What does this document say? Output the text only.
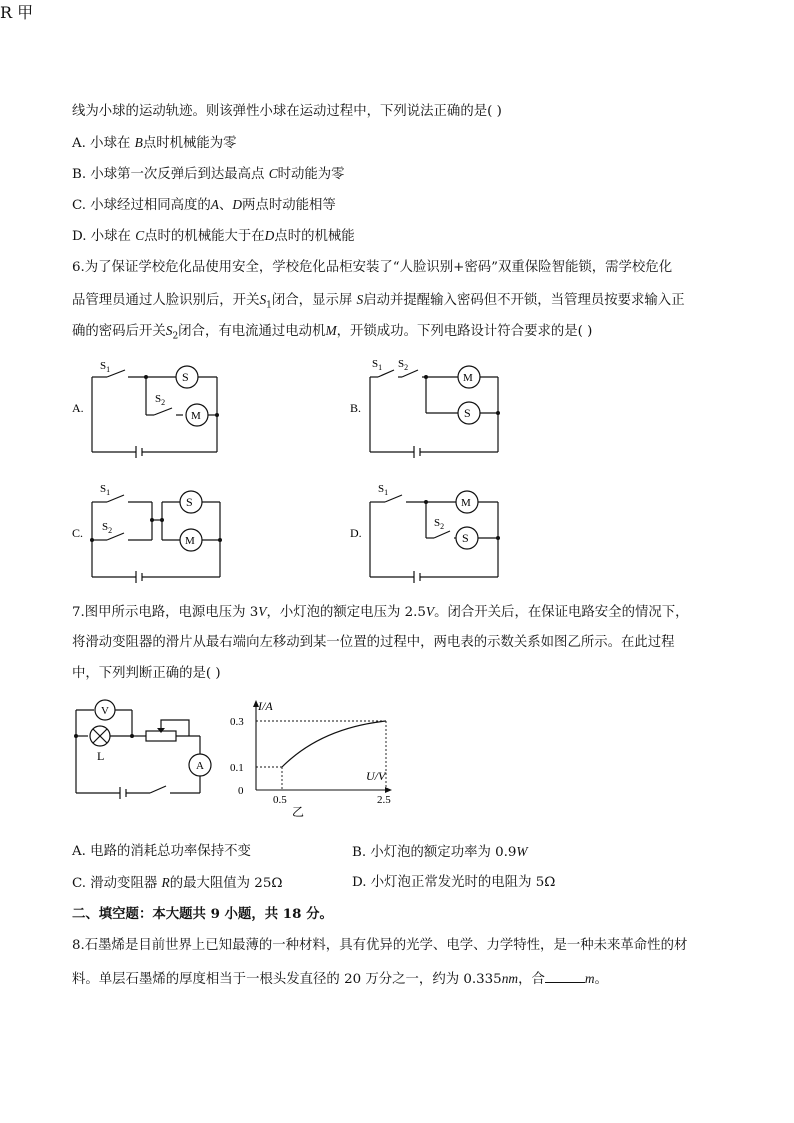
线为小球的运动轨迹。则该弹性小球在运动过程中，下列说法正确的是( )
A. 小球在 B点时机械能为零
B. 小球第一次反弹后到达最高点 C时动能为零
C. 小球经过相同高度的A、D两点时动能相等
D. 小球在 C点时的机械能大于在D点时的机械能
6.为了保证学校危化品使用安全，学校危化品柜安装了“人脸识别+密码”双重保险智能锁，需学校危化
品管理员通过人脸识别后，开关$S_1$闭合，显示屏 S启动并提醒输入密码但不开锁，当管理员按要求输入正
确的密码后开关$S_2$闭合，有电流通过电动机M，开锁成功。下列电路设计符合要求的是( )
A.
S
M
$S_1$
$S_2$	B.
M
S
$S_1$ $S_2$
C.
S
M
$S_1$
$S_2$	D.
M
S
$S_1$
$S_2$
7.图甲所示电路，电源电压为 3V，小灯泡的额定电压为 2.5V。闭合开关后，在保证电路安全的情况下，
将滑动变阻器的滑片从最右端向左移动到某一位置的过程中，两电表的示数关系如图乙所示。在此过程
中，下列判断正确的是( )
V
A
L
R 甲
I/A
U/V
0
0.3
0.1
0.5	2.5
乙
A. 电路的消耗总功率保持不变	B. 小灯泡的额定功率为 0.9W
C. 滑动变阻器 R的最大阻值为 25Ω	D. 小灯泡正常发光时的电阻为 5Ω
二、填空题：本大题共 9 小题，共 18 分。
8.石墨烯是目前世界上已知最薄的一种材料，具有优异的光学、电学、力学特性，是一种未来革命性的材
料。单层石墨烯的厚度相当于一根头发直径的 20 万分之一，约为 0.335nm，合	m。
